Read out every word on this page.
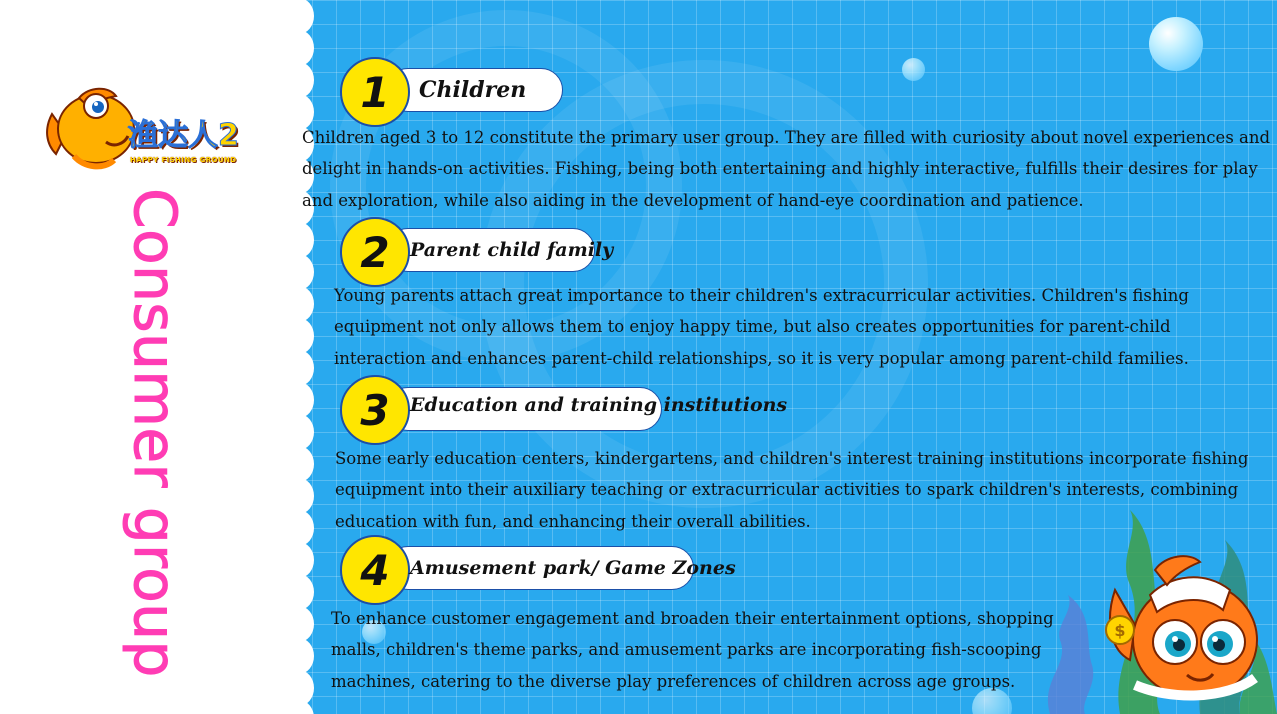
$
渔达人2
HAPPY FISHING GROUND
Consumer group
1	Children
Children aged 3 to 12 constitute the primary user group. They are filled with curiosity about novel experiences and delight in hands-on activities. Fishing, being both entertaining and highly interactive, fulfills their desires for play and exploration, while also aiding in the development of hand-eye coordination and patience.
2	Parent child family
Young parents attach great importance to their children's extracurricular activities. Children's fishing equipment not only allows them to enjoy happy time, but also creates opportunities for parent-child interaction and enhances parent-child relationships, so it is very popular among parent-child families.
3	Education and training institutions
Some early education centers, kindergartens, and children's interest training institutions incorporate fishing equipment into their auxiliary teaching or extracurricular activities to spark children's interests, combining education with fun, and enhancing their overall abilities.
4	Amusement park/ Game Zones
To enhance customer engagement and broaden their entertainment options, shopping malls, children's theme parks, and amusement parks are incorporating fish-scooping machines, catering to the diverse play preferences of children across age groups.
